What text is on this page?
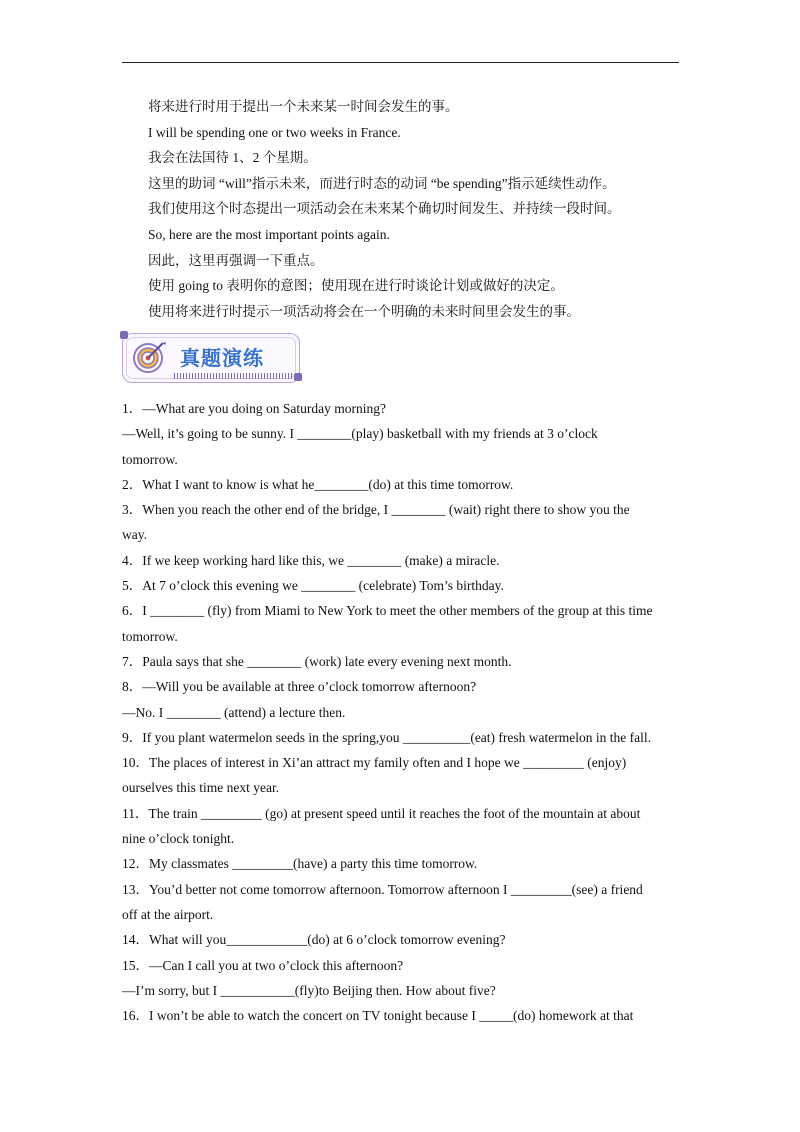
将来进行时用于提出一个未来某一时间会发生的事。
I will be spending one or two weeks in France.
我会在法国待 1、2 个星期。
这里的助词 “will”指示未来，而进行时态的动词 “be spending”指示延续性动作。
我们使用这个时态提出一项活动会在未来某个确切时间发生、并持续一段时间。
So, here are the most important points again.
因此，这里再强调一下重点。
使用 going to 表明你的意图；使用现在进行时谈论计划或做好的决定。
使用将来进行时提示一项活动将会在一个明确的未来时间里会发生的事。
真题演练
1．—What are you doing on Saturday morning?
—Well, it’s going to be sunny. I ________(play) basketball with my friends at 3 o’clock
tomorrow.
2．What I want to know is what he________(do) at this time tomorrow.
3．When you reach the other end of the bridge, I ________ (wait) right there to show you the
way.
4．If we keep working hard like this, we ________ (make) a miracle.
5．At 7 o’clock this evening we ________ (celebrate) Tom’s birthday.
6．I ________ (fly) from Miami to New York to meet the other members of the group at this time
tomorrow.
7．Paula says that she ________ (work) late every evening next month.
8．—Will you be available at three o’clock tomorrow afternoon?
—No. I ________ (attend) a lecture then.
9．If you plant watermelon seeds in the spring,you __________(eat) fresh watermelon in the fall.
10．The places of interest in Xi’an attract my family often and I hope we _________ (enjoy)
ourselves this time next year.
11．The train _________ (go) at present speed until it reaches the foot of the mountain at about
nine o’clock tonight.
12．My classmates _________(have) a party this time tomorrow.
13．You’d better not come tomorrow afternoon. Tomorrow afternoon I _________(see) a friend
off at the airport.
14．What will you____________(do) at 6 o’clock tomorrow evening?
15．—Can I call you at two o’clock this afternoon?
—I’m sorry, but I ___________(fly)to Beijing then. How about five?
16．I won’t be able to watch the concert on TV tonight because I _____(do) homework at that
